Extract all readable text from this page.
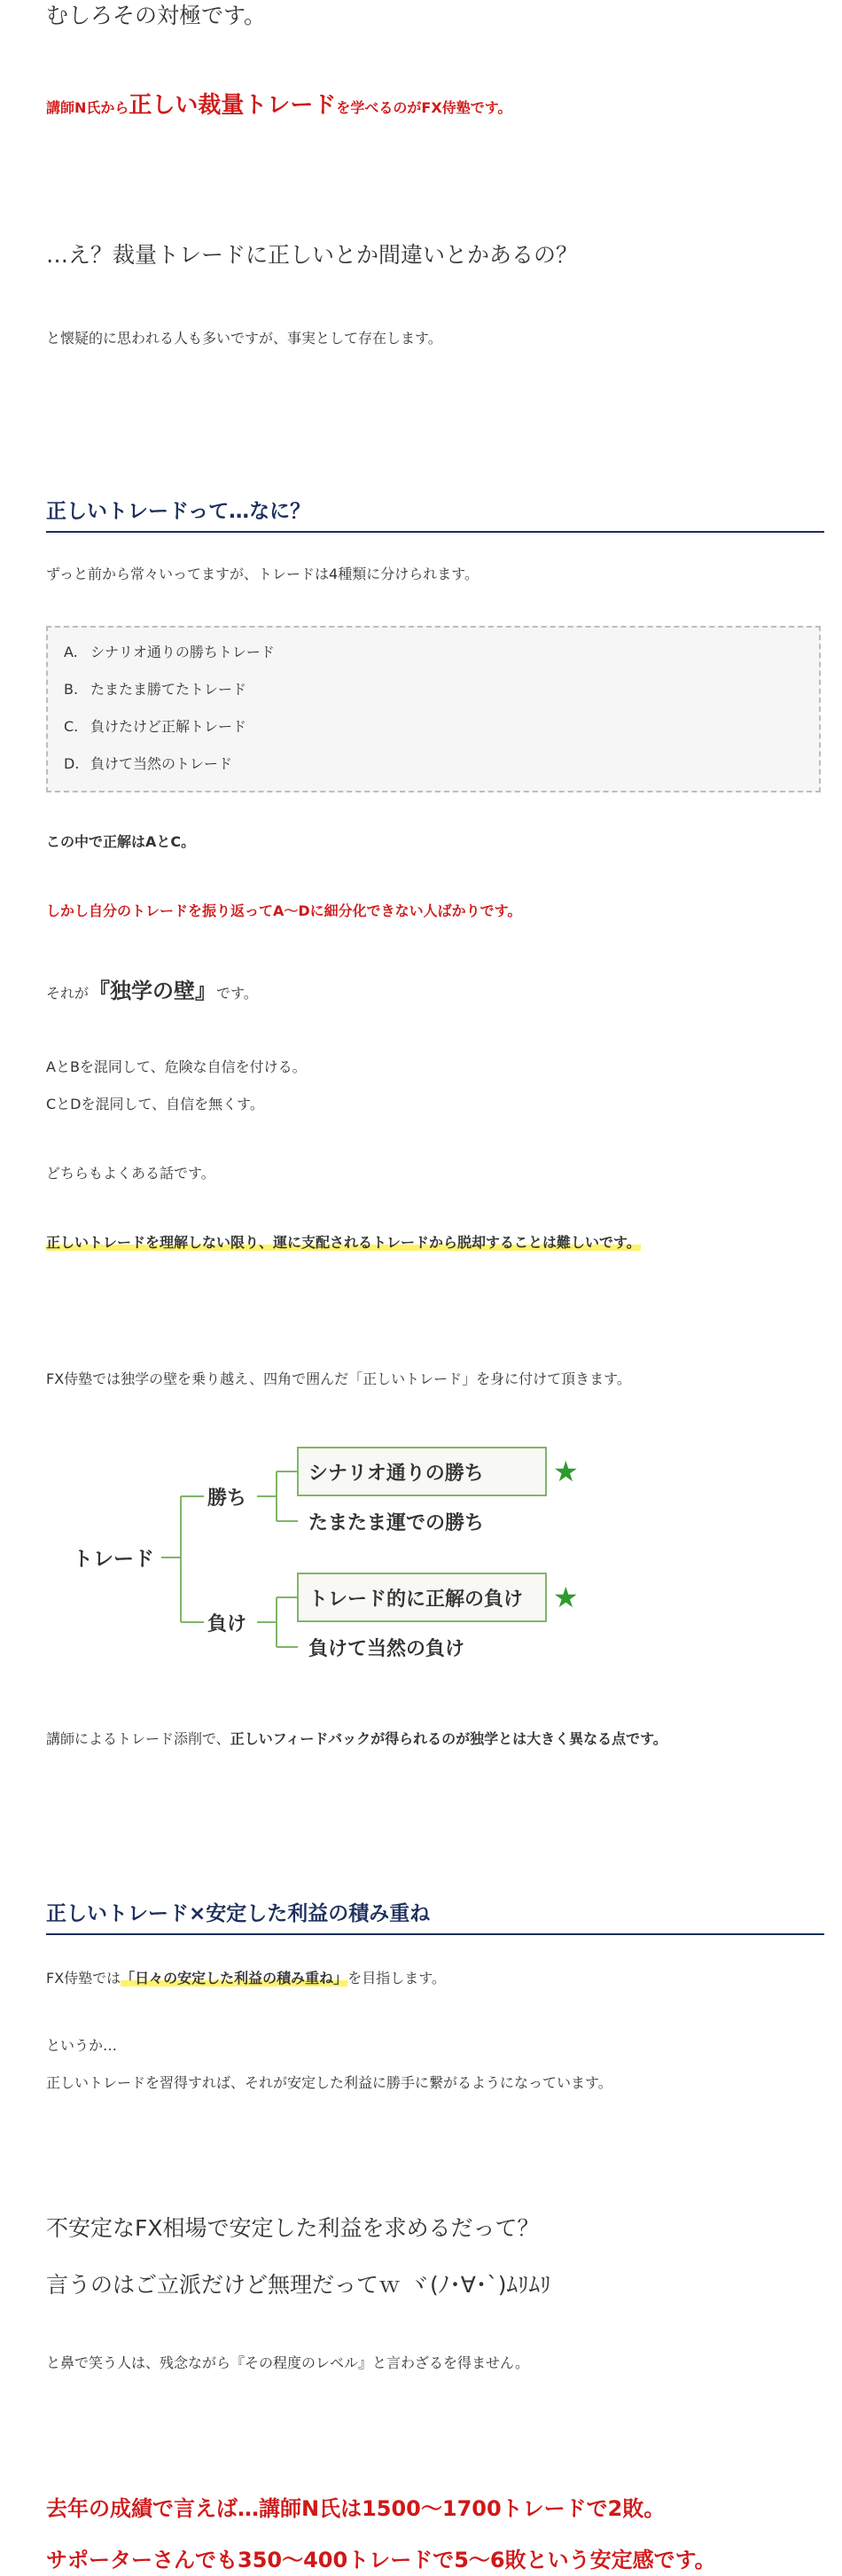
むしろその対極です。
講師N氏から正しい裁量トレードを学べるのがFX侍塾です。
…え？裁量トレードに正しいとか間違いとかあるの？
と懐疑的に思われる人も多いですが、事実として存在します。
正しいトレードって…なに？
ずっと前から常々いってますが、トレードは4種類に分けられます。
A. シナリオ通りの勝ちトレード
B. たまたま勝てたトレード
C. 負けたけど正解トレード
D. 負けて当然のトレード
この中で正解はAとC。
しかし自分のトレードを振り返ってA〜Dに細分化できない人ばかりです。
それが『独学の壁』です。
AとBを混同して、危険な自信を付ける。
CとDを混同して、自信を無くす。
どちらもよくある話です。
正しいトレードを理解しない限り、運に支配されるトレードから脱却することは難しいです。
FX侍塾では独学の壁を乗り越え、四角で囲んだ「正しいトレード」を身に付けて頂きます。
トレード
勝ち
負け
シナリオ通りの勝ち
たまたま運での勝ち
トレード的に正解の負け
負けて当然の負け
★
★
講師によるトレード添削で、正しいフィードバックが得られるのが独学とは大きく異なる点です。
正しいトレード×安定した利益の積み重ね
FX侍塾では「日々の安定した利益の積み重ね」を目指します。
というか…
正しいトレードを習得すれば、それが安定した利益に勝手に繋がるようになっています。
不安定なFX相場で安定した利益を求めるだって？
言うのはご立派だけど無理だってｗ ヾ(ﾉ･∀･`)ﾑﾘﾑﾘ
と鼻で笑う人は、残念ながら『その程度のレベル』と言わざるを得ません。
去年の成績で言えば…講師N氏は1500〜1700トレードで2敗。
サポーターさんでも350〜400トレードで5〜6敗という安定感です。
